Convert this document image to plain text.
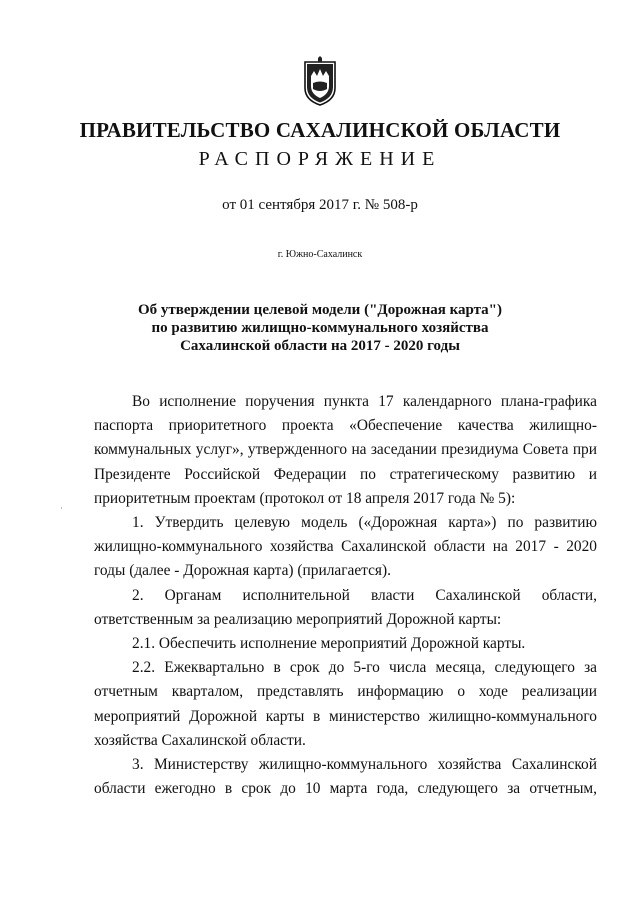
ПРАВИТЕЛЬСТВО САХАЛИНСКОЙ ОБЛАСТИ
РАСПОРЯЖЕНИЕ
от 01 сентября 2017 г. № 508-р
г. Южно-Сахалинск
Об утверждении целевой модели ("Дорожная карта")
по развитию жилищно-коммунального хозяйства
Сахалинской области на 2017 - 2020 годы
·
Во исполнение поручения пункта 17 календарного плана-графика
паспорта приоритетного проекта «Обеспечение качества жилищно-
коммунальных услуг», утвержденного на заседании президиума Совета при
Президенте Российской Федерации по стратегическому развитию и
приоритетным проектам (протокол от 18 апреля 2017 года № 5):
1. Утвердить целевую модель («Дорожная карта») по развитию
жилищно-коммунального хозяйства Сахалинской области на 2017 - 2020
годы (далее - Дорожная карта) (прилагается).
2. Органам исполнительной власти Сахалинской области,
ответственным за реализацию мероприятий Дорожной карты:
2.1. Обеспечить исполнение мероприятий Дорожной карты.
2.2. Ежеквартально в срок до 5-го числа месяца, следующего за
отчетным кварталом, представлять информацию о ходе реализации
мероприятий Дорожной карты в министерство жилищно-коммунального
хозяйства Сахалинской области.
3. Министерству жилищно-коммунального хозяйства Сахалинской
области ежегодно в срок до 10 марта года, следующего за отчетным,
